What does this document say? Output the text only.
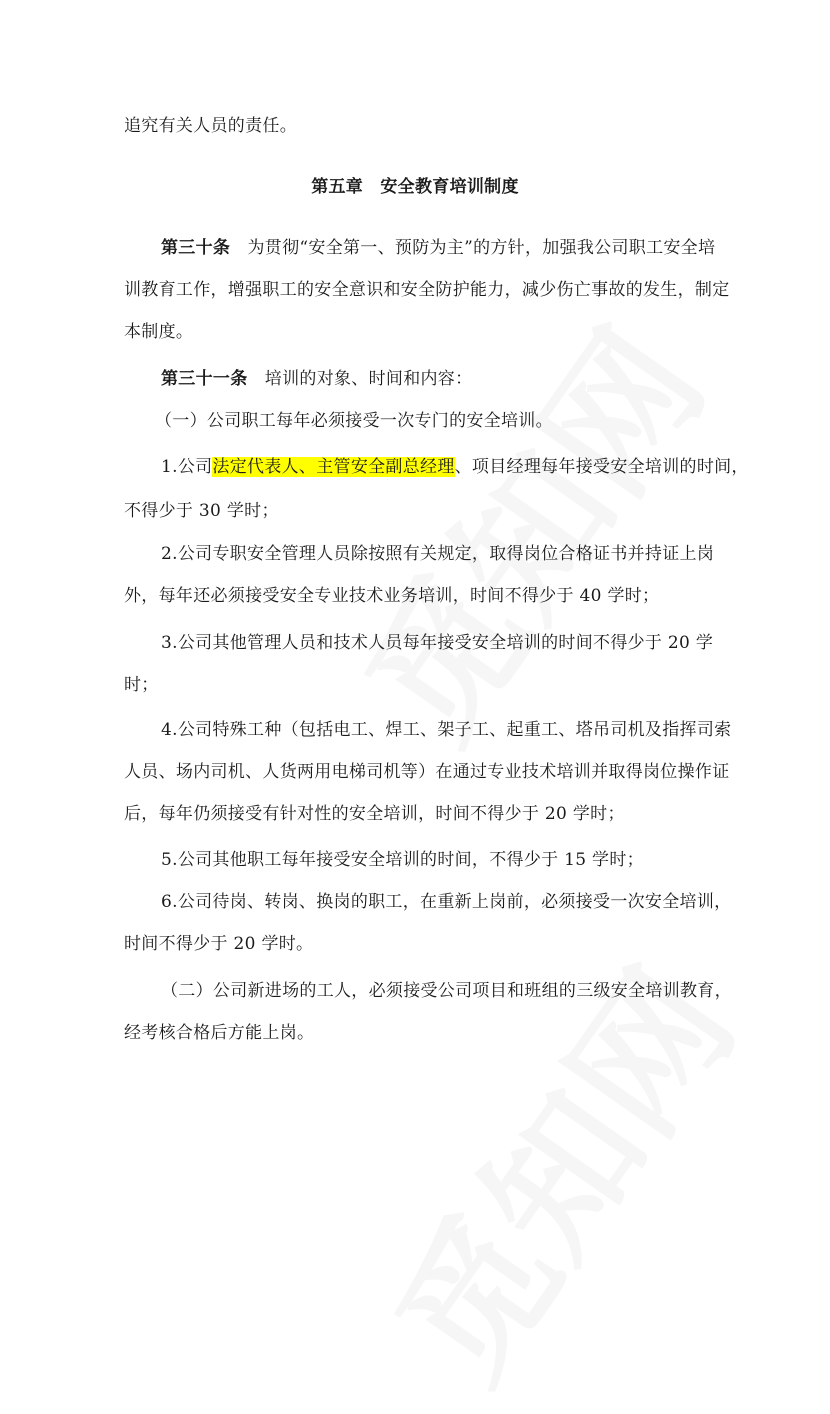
追究有关人员的责任。
第五章　安全教育培训制度
第三十条　为贯彻“安全第一、预防为主”的方针，加强我公司职工安全培
训教育工作，增强职工的安全意识和安全防护能力，减少伤亡事故的发生，制定
本制度。
第三十一条　培训的对象、时间和内容：
（一）公司职工每年必须接受一次专门的安全培训。
1.公司法定代表人、主管安全副总经理、项目经理每年接受安全培训的时间，
不得少于 30 学时；
2.公司专职安全管理人员除按照有关规定，取得岗位合格证书并持证上岗
外，每年还必须接受安全专业技术业务培训，时间不得少于 40 学时；
3.公司其他管理人员和技术人员每年接受安全培训的时间不得少于 20 学
时；
4.公司特殊工种（包括电工、焊工、架子工、起重工、塔吊司机及指挥司索
人员、场内司机、人货两用电梯司机等）在通过专业技术培训并取得岗位操作证
后，每年仍须接受有针对性的安全培训，时间不得少于 20 学时；
5.公司其他职工每年接受安全培训的时间，不得少于 15 学时；
6.公司待岗、转岗、换岗的职工，在重新上岗前，必须接受一次安全培训，
时间不得少于 20 学时。
（二）公司新进场的工人，必须接受公司项目和班组的三级安全培训教育，
经考核合格后方能上岗。
